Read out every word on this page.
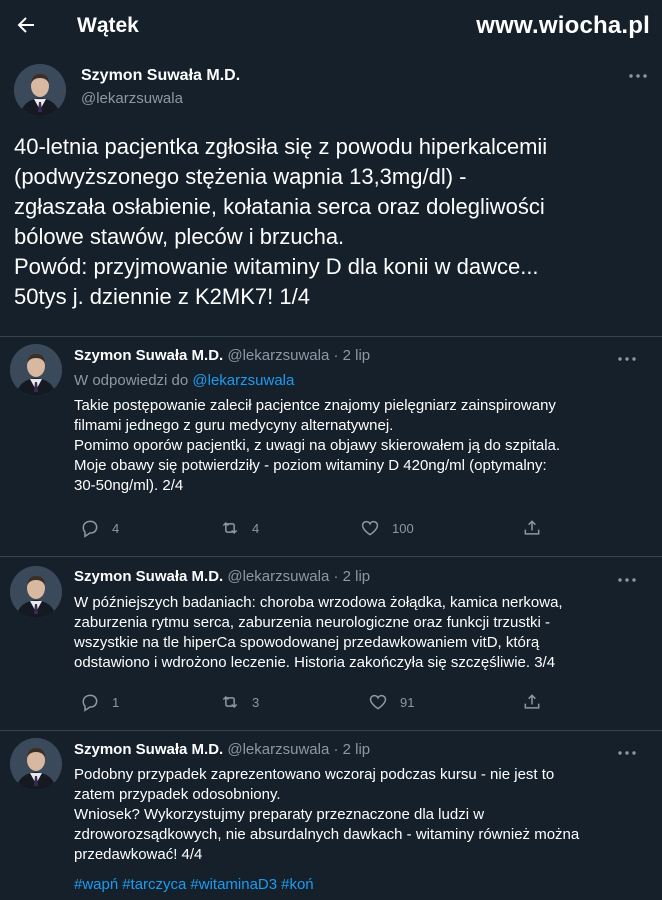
Wątek	www.wiocha.pl
Szymon Suwała M.D.
@lekarzsuwala
40-letnia pacjentka zgłosiła się z powodu hiperkalcemii
(podwyższonego stężenia wapnia 13,3mg/dl) -
zgłaszała osłabienie, kołatania serca oraz dolegliwości
bólowe stawów, pleców i brzucha.
Powód: przyjmowanie witaminy D dla konii w dawce...
50tys j. dziennie z K2MK7! 1/4
Szymon Suwała M.D. @lekarzsuwala · 2 lip
W odpowiedzi do @lekarzsuwala
Takie postępowanie zalecił pacjentce znajomy pielęgniarz zainspirowany
filmami jednego z guru medycyny alternatywnej.
Pomimo oporów pacjentki, z uwagi na objawy skierowałem ją do szpitala.
Moje obawy się potwierdziły - poziom witaminy D 420ng/ml (optymalny:
30-50ng/ml). 2/4
4	4	100
Szymon Suwała M.D. @lekarzsuwala · 2 lip
W późniejszych badaniach: choroba wrzodowa żołądka, kamica nerkowa,
zaburzenia rytmu serca, zaburzenia neurologiczne oraz funkcji trzustki -
wszystkie na tle hiperCa spowodowanej przedawkowaniem vitD, którą
odstawiono i wdrożono leczenie. Historia zakończyła się szczęśliwie. 3/4
1	3	91
Szymon Suwała M.D. @lekarzsuwala · 2 lip
Podobny przypadek zaprezentowano wczoraj podczas kursu - nie jest to
zatem przypadek odosobniony.
Wniosek? Wykorzystujmy preparaty przeznaczone dla ludzi w
zdroworozsądkowych, nie absurdalnych dawkach - witaminy również można
przedawkować! 4/4
#wapń #tarczyca #witaminaD3 #koń
